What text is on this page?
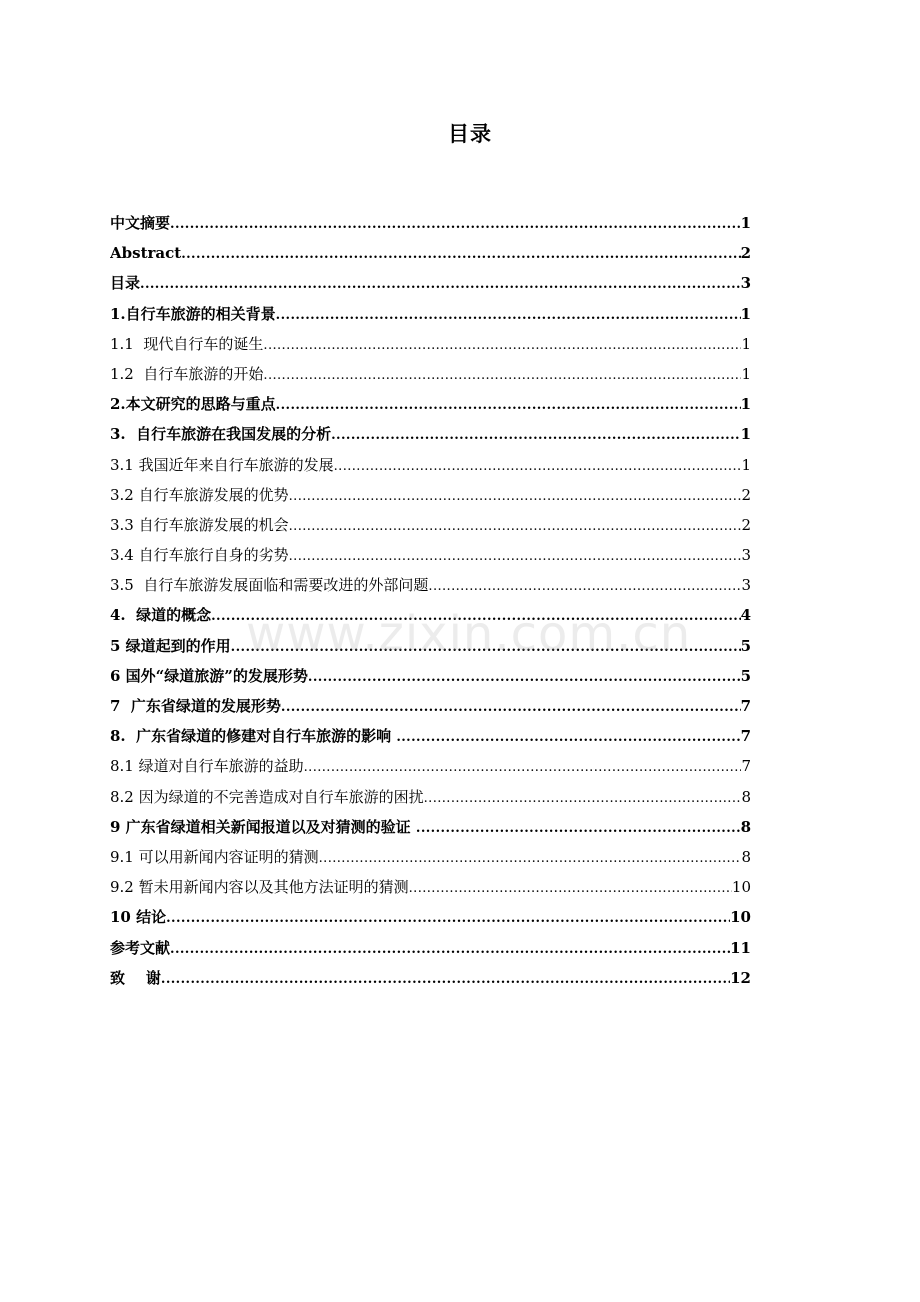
目录
中文摘要 .....	1
Abstract .....	2
目录 .....	3
1.自行车旅游的相关背景 .....	1
1.1  现代自行车的诞生 .....	1
1.2  自行车旅游的开始 .....	1
2.本文研究的思路与重点 .....	1
3.  自行车旅游在我国发展的分析 .....	1
3.1 我国近年来自行车旅游的发展 .....	1
3.2 自行车旅游发展的优势 .....	2
3.3 自行车旅游发展的机会 .....	2
3.4 自行车旅行自身的劣势 .....	3
3.5  自行车旅游发展面临和需要改进的外部问题 .....	3
4.  绿道的概念 .....	4
5 绿道起到的作用 .....	5
6 国外“绿道旅游”的发展形势 .....	5
7  广东省绿道的发展形势 .....	7
8.  广东省绿道的修建对自行车旅游的影响 .....	7
8.1 绿道对自行车旅游的益助 .....	7
8.2 因为绿道的不完善造成对自行车旅游的困扰 .....	8
9 广东省绿道相关新闻报道以及对猜测的验证 .....	8
9.1 可以用新闻内容证明的猜测 .....	8
9.2 暂未用新闻内容以及其他方法证明的猜测 .....	10
10 结论 .....	10
参考文献 .....	11
致    谢 .....	12
www.zixin.com.cn
